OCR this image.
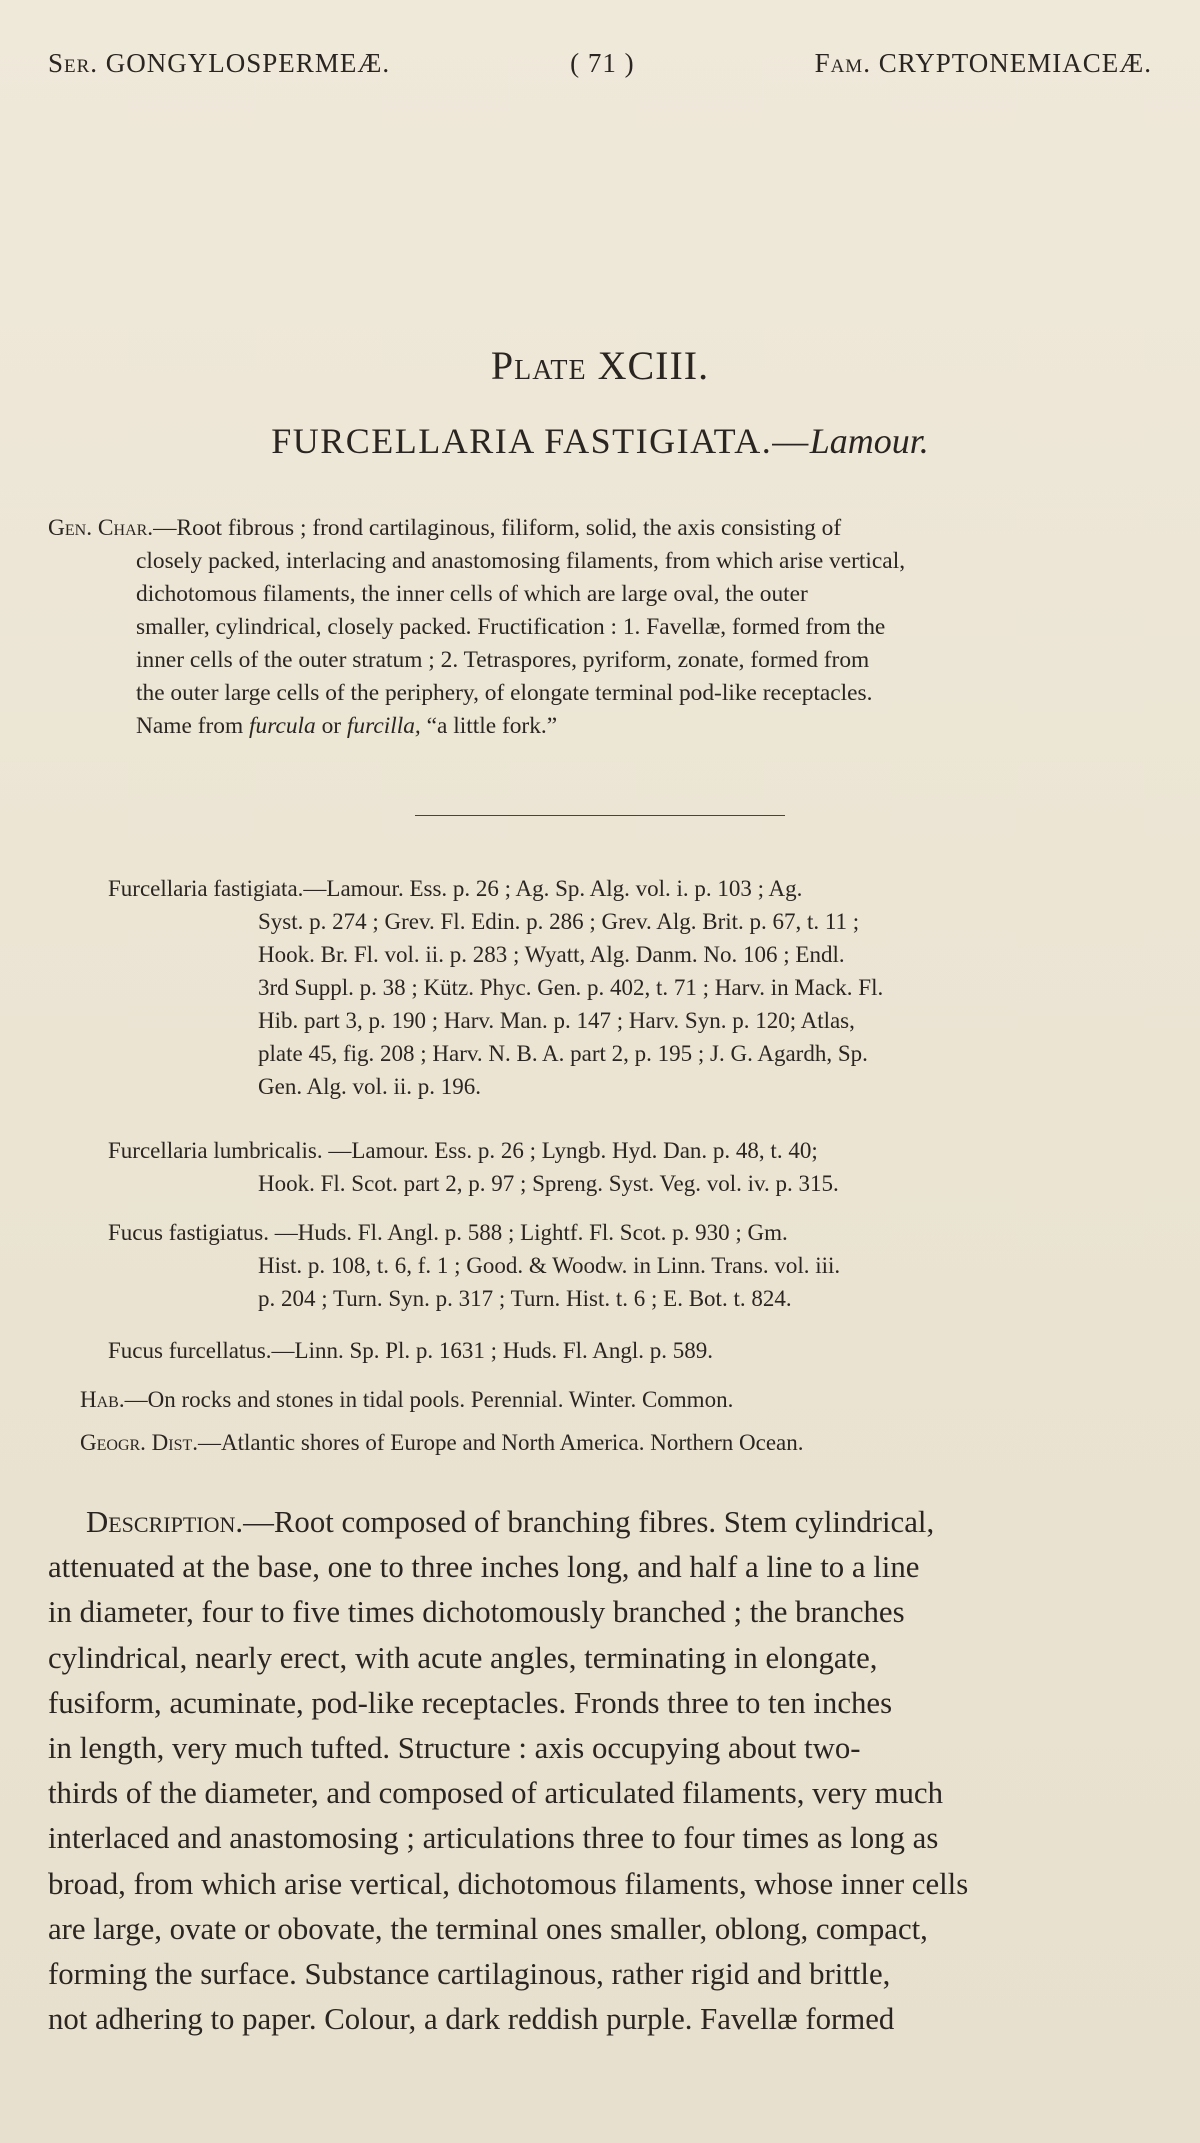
Ser. GONGYLOSPERMEÆ.	( 71 )	Fam. CRYPTONEMIACEÆ.
Plate XCIII.
FURCELLARIA FASTIGIATA.—Lamour.
Gen. Char.—Root fibrous ; frond cartilaginous, filiform, solid, the axis consisting of
closely packed, interlacing and anastomosing filaments, from which arise vertical,
dichotomous filaments, the inner cells of which are large oval, the outer
smaller, cylindrical, closely packed. Fructification : 1. Favellæ, formed from the
inner cells of the outer stratum ; 2. Tetraspores, pyriform, zonate, formed from
the outer large cells of the periphery, of elongate terminal pod-like receptacles.
Name from furcula or furcilla, “a little fork.”
Furcellaria fastigiata.—Lamour. Ess. p. 26 ; Ag. Sp. Alg. vol. i. p. 103 ; Ag.
Syst. p. 274 ; Grev. Fl. Edin. p. 286 ; Grev. Alg. Brit. p. 67, t. 11 ;
Hook. Br. Fl. vol. ii. p. 283 ; Wyatt, Alg. Danm. No. 106 ; Endl.
3rd Suppl. p. 38 ; Kütz. Phyc. Gen. p. 402, t. 71 ; Harv. in Mack. Fl.
Hib. part 3, p. 190 ; Harv. Man. p. 147 ; Harv. Syn. p. 120; Atlas,
plate 45, fig. 208 ; Harv. N. B. A. part 2, p. 195 ; J. G. Agardh, Sp.
Gen. Alg. vol. ii. p. 196.
Furcellaria lumbricalis. —Lamour. Ess. p. 26 ; Lyngb. Hyd. Dan. p. 48, t. 40;
Hook. Fl. Scot. part 2, p. 97 ; Spreng. Syst. Veg. vol. iv. p. 315.
Fucus fastigiatus. —Huds. Fl. Angl. p. 588 ; Lightf. Fl. Scot. p. 930 ; Gm.
Hist. p. 108, t. 6, f. 1 ; Good. & Woodw. in Linn. Trans. vol. iii.
p. 204 ; Turn. Syn. p. 317 ; Turn. Hist. t. 6 ; E. Bot. t. 824.
Fucus furcellatus.—Linn. Sp. Pl. p. 1631 ; Huds. Fl. Angl. p. 589.
Hab.—On rocks and stones in tidal pools. Perennial. Winter. Common.
Geogr. Dist.—Atlantic shores of Europe and North America. Northern Ocean.
Description.—Root composed of branching fibres. Stem cylindrical,
attenuated at the base, one to three inches long, and half a line to a line
in diameter, four to five times dichotomously branched ; the branches
cylindrical, nearly erect, with acute angles, terminating in elongate,
fusiform, acuminate, pod-like receptacles. Fronds three to ten inches
in length, very much tufted. Structure : axis occupying about two-
thirds of the diameter, and composed of articulated filaments, very much
interlaced and anastomosing ; articulations three to four times as long as
broad, from which arise vertical, dichotomous filaments, whose inner cells
are large, ovate or obovate, the terminal ones smaller, oblong, compact,
forming the surface. Substance cartilaginous, rather rigid and brittle,
not adhering to paper. Colour, a dark reddish purple. Favellæ formed
